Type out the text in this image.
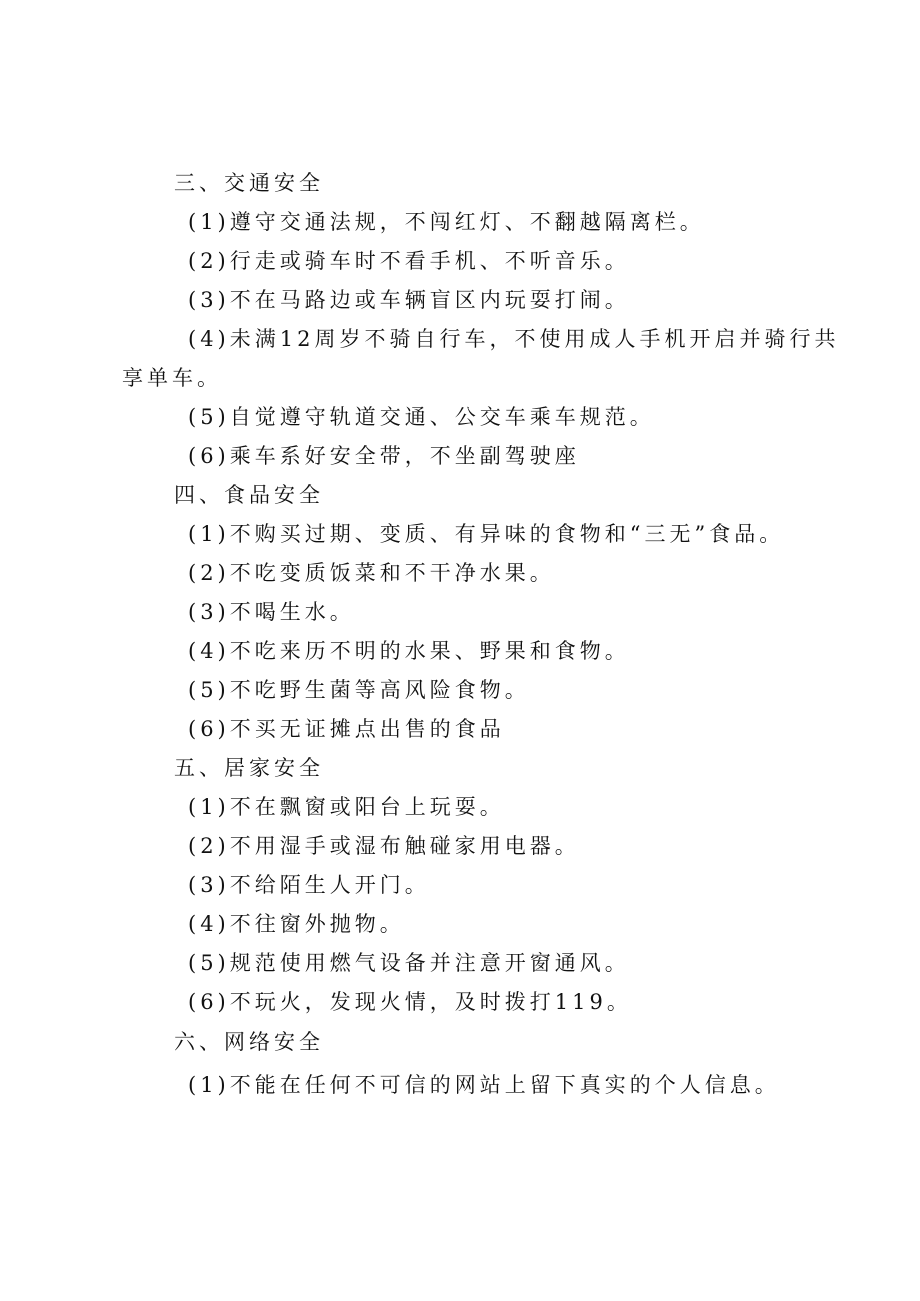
三、交通安全
(1)遵守交通法规，不闯红灯、不翻越隔离栏。
(2)行走或骑车时不看手机、不听音乐。
(3)不在马路边或车辆盲区内玩耍打闹。
(4)未满12周岁不骑自行车，不使用成人手机开启并骑行共
享单车。
(5)自觉遵守轨道交通、公交车乘车规范。
(6)乘车系好安全带，不坐副驾驶座
四、食品安全
(1)不购买过期、变质、有异味的食物和“三无”食品。
(2)不吃变质饭菜和不干净水果。
(3)不喝生水。
(4)不吃来历不明的水果、野果和食物。
(5)不吃野生菌等高风险食物。
(6)不买无证摊点出售的食品
五、居家安全
(1)不在飘窗或阳台上玩耍。
(2)不用湿手或湿布触碰家用电器。
(3)不给陌生人开门。
(4)不往窗外抛物。
(5)规范使用燃气设备并注意开窗通风。
(6)不玩火，发现火情，及时拨打119。
六、网络安全
(1)不能在任何不可信的网站上留下真实的个人信息。
